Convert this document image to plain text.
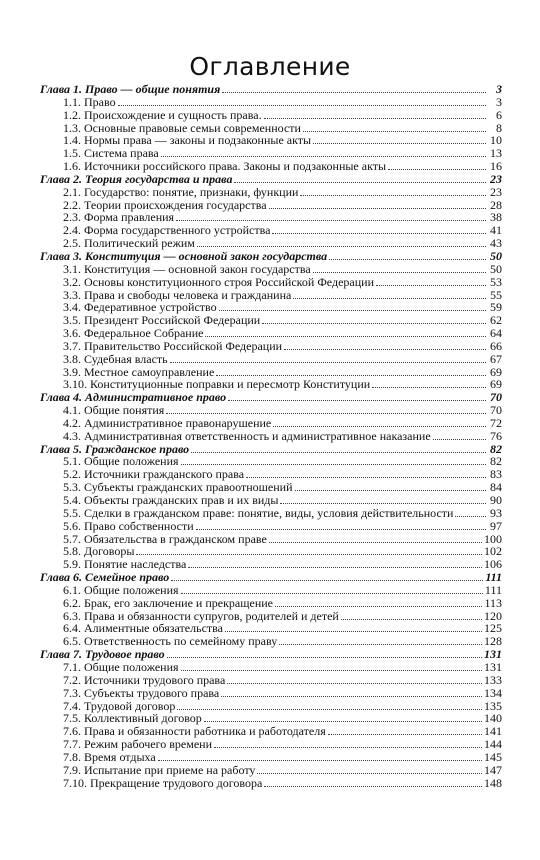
Оглавление
Глава 1. Право — общие понятия	3
1.1. Право	3
1.2. Происхождение и сущность права.	6
1.3. Основные правовые семьи современности	8
1.4. Нормы права — законы и подзаконные акты	10
1.5. Система права	13
1.6. Источники российского права. Законы и подзаконные акты	16
Глава 2. Теория государства и права	23
2.1. Государство: понятие, признаки, функции	23
2.2. Теории происхождения государства	28
2.3. Форма правления	38
2.4. Форма государственного устройства	41
2.5. Политический режим	43
Глава 3. Конституция — основной закон государства	50
3.1. Конституция — основной закон государства	50
3.2. Основы конституционного строя Российской Федерации	53
3.3. Права и свободы человека и гражданина	55
3.4. Федеративное устройство	59
3.5. Президент Российской Федерации	62
3.6. Федеральное Собрание	64
3.7. Правительство Российской Федерации	66
3.8. Судебная власть	67
3.9. Местное самоуправление	69
3.10. Конституционные поправки и пересмотр Конституции	69
Глава 4. Административное право	70
4.1. Общие понятия	70
4.2. Административное правонарушение	72
4.3. Административная ответственность и административное наказание	76
Глава 5. Гражданское право	82
5.1. Общие положения	82
5.2. Источники гражданского права	83
5.3. Субъекты гражданских правоотношений	84
5.4. Объекты гражданских прав и их виды	90
5.5. Сделки в гражданском праве: понятие, виды, условия действительности	93
5.6. Право собственности	97
5.7. Обязательства в гражданском праве	100
5.8. Договоры	102
5.9. Понятие наследства	106
Глава 6. Семейное право	111
6.1. Общие положения	111
6.2. Брак, его заключение и прекращение	113
6.3. Права и обязанности супругов, родителей и детей	120
6.4. Алиментные обязательства	125
6.5. Ответственность по семейному праву	128
Глава 7. Трудовое право	131
7.1. Общие положения	131
7.2. Источники трудового права	133
7.3. Субъекты трудового права	134
7.4. Трудовой договор	135
7.5. Коллективный договор	140
7.6. Права и обязанности работника и работодателя	141
7.7. Режим рабочего времени	144
7.8. Время отдыха	145
7.9. Испытание при приеме на работу	147
7.10. Прекращение трудового договора	148
